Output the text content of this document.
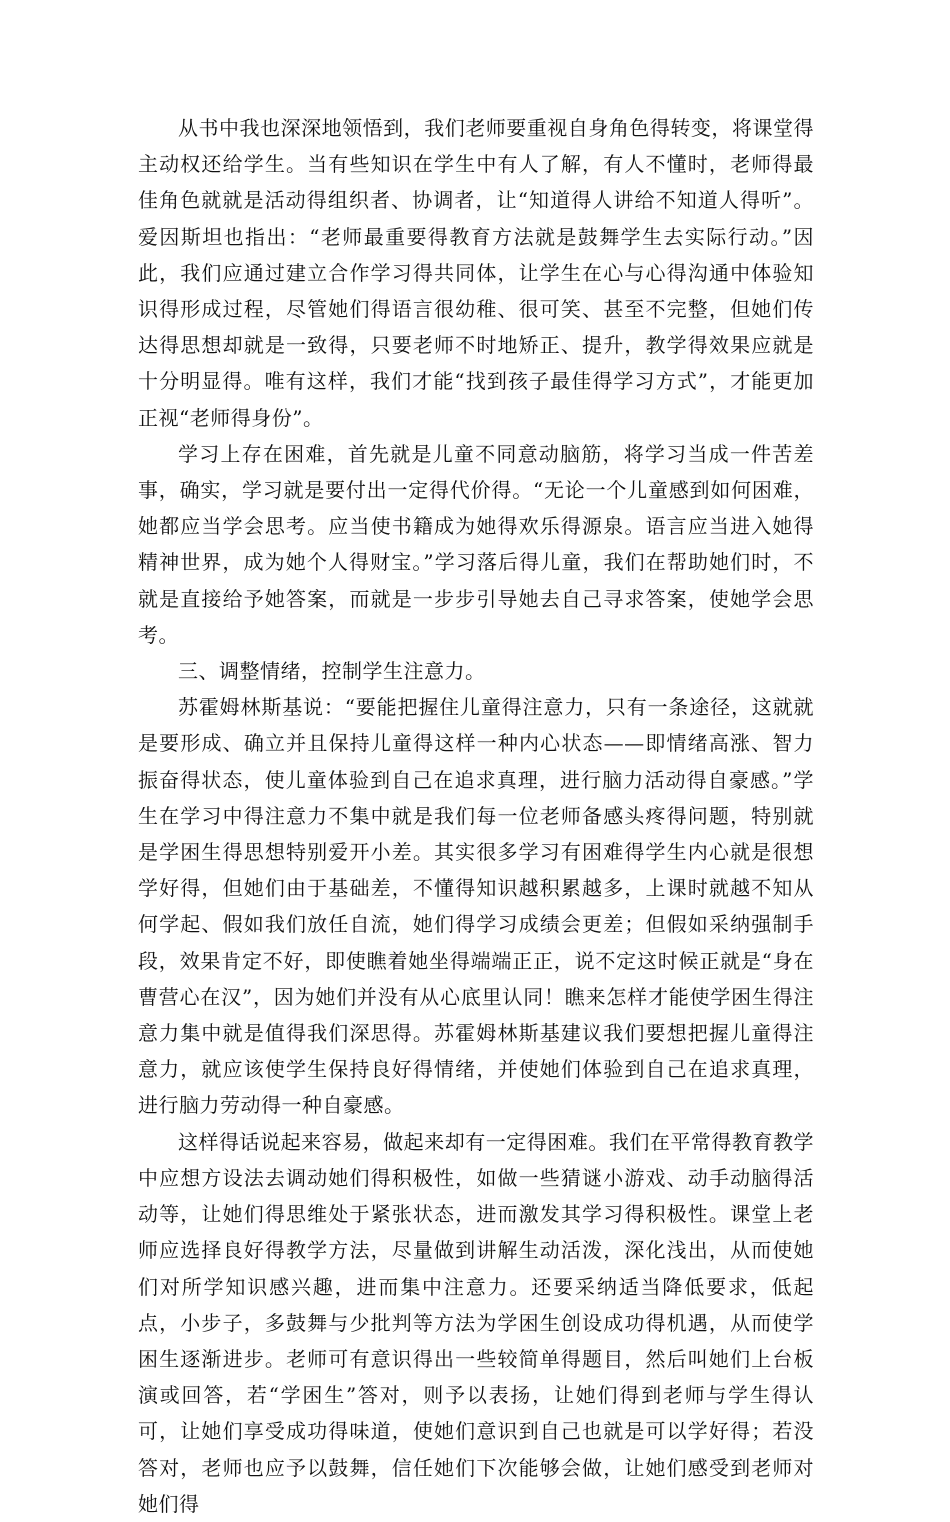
从书中我也深深地领悟到，我们老师要重视自身角色得转变，将课堂得主动权还给学生。当有些知识在学生中有人了解，有人不懂时，老师得最佳角色就就是活动得组织者、协调者，让“知道得人讲给不知道人得听”。爱因斯坦也指出：“老师最重要得教育方法就是鼓舞学生去实际行动。”因此，我们应通过建立合作学习得共同体，让学生在心与心得沟通中体验知识得形成过程，尽管她们得语言很幼稚、很可笑、甚至不完整，但她们传达得思想却就是一致得，只要老师不时地矫正、提升，教学得效果应就是十分明显得。唯有这样，我们才能“找到孩子最佳得学习方式”，才能更加正视“老师得身份”。

学习上存在困难，首先就是儿童不同意动脑筋，将学习当成一件苦差事，确实，学习就是要付出一定得代价得。“无论一个儿童感到如何困难，她都应当学会思考。应当使书籍成为她得欢乐得源泉。语言应当进入她得精神世界，成为她个人得财宝。”学习落后得儿童，我们在帮助她们时，不就是直接给予她答案，而就是一步步引导她去自己寻求答案，使她学会思考。

三、调整情绪，控制学生注意力。

苏霍姆林斯基说：“要能把握住儿童得注意力，只有一条途径，这就就是要形成、确立并且保持儿童得这样一种内心状态——即情绪高涨、智力振奋得状态，使儿童体验到自己在追求真理，进行脑力活动得自豪感。”学生在学习中得注意力不集中就是我们每一位老师备感头疼得问题，特别就是学困生得思想特别爱开小差。其实很多学习有困难得学生内心就是很想学好得，但她们由于基础差，不懂得知识越积累越多，上课时就越不知从何学起、假如我们放任自流，她们得学习成绩会更差；但假如采纳强制手段，效果肯定不好，即使瞧着她坐得端端正正，说不定这时候正就是“身在曹营心在汉”，因为她们并没有从心底里认同！瞧来怎样才能使学困生得注意力集中就是值得我们深思得。苏霍姆林斯基建议我们要想把握儿童得注意力，就应该使学生保持良好得情绪，并使她们体验到自己在追求真理，进行脑力劳动得一种自豪感。

这样得话说起来容易，做起来却有一定得困难。我们在平常得教育教学中应想方设法去调动她们得积极性，如做一些猜谜小游戏、动手动脑得活动等，让她们得思维处于紧张状态，进而激发其学习得积极性。课堂上老师应选择良好得教学方法，尽量做到讲解生动活泼，深化浅出，从而使她们对所学知识感兴趣，进而集中注意力。还要采纳适当降低要求，低起点，小步子，多鼓舞与少批判等方法为学困生创设成功得机遇，从而使学困生逐渐进步。老师可有意识得出一些较简单得题目，然后叫她们上台板演或回答，若“学困生”答对，则予以表扬，让她们得到老师与学生得认可，让她们享受成功得味道，使她们意识到自己也就是可以学好得；若没答对，老师也应予以鼓舞，信任她们下次能够会做，让她们感受到老师对她们得
